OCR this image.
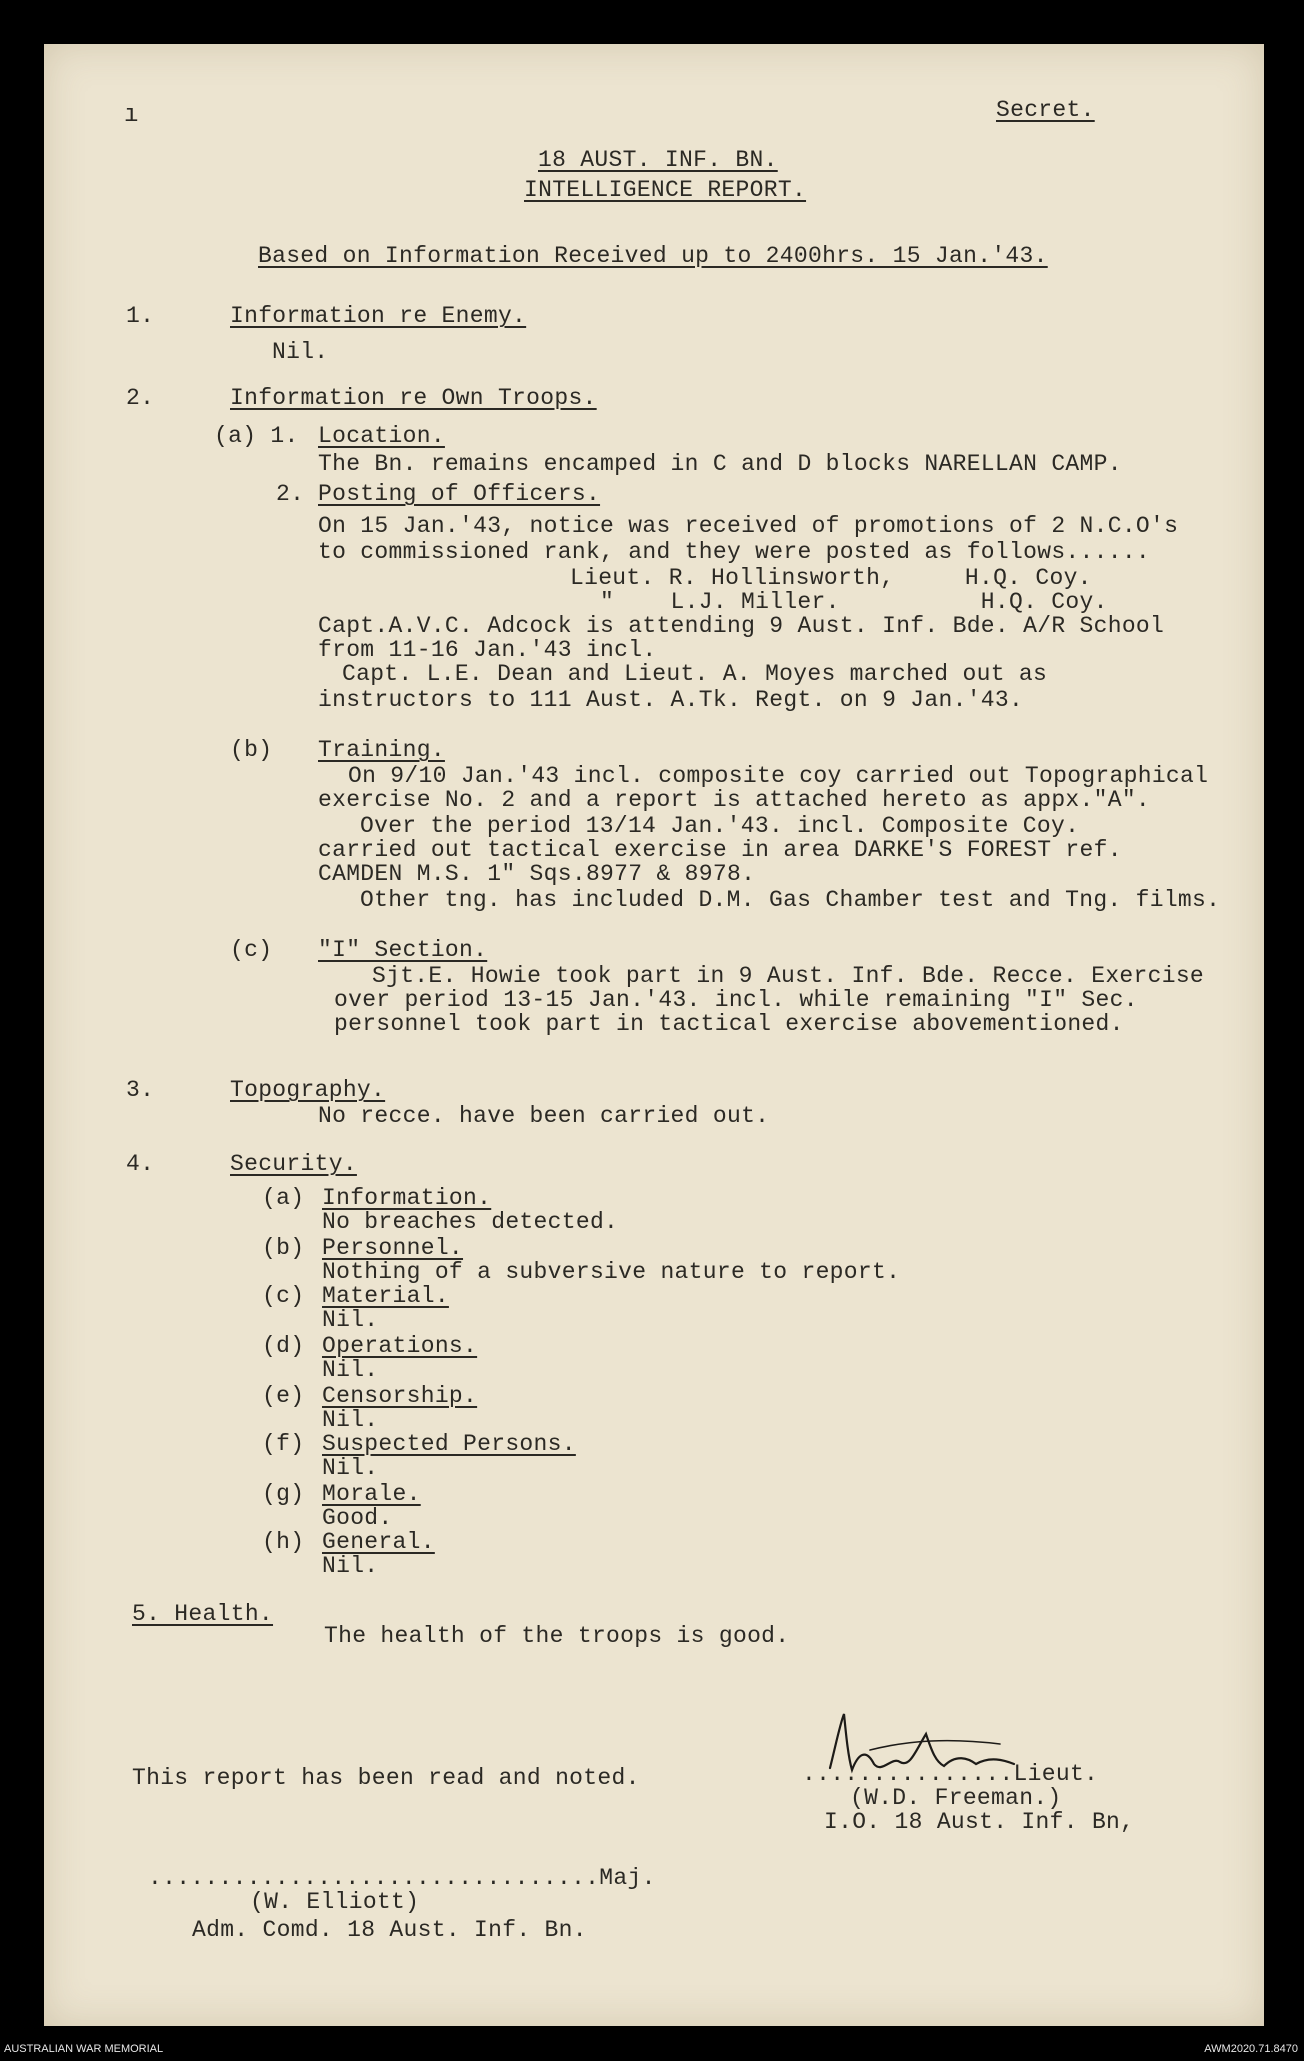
Secret.
ı
18 AUST. INF. BN.
INTELLIGENCE REPORT.
Based on Information Received up to 2400hrs. 15 Jan.'43.
1.	Information re Enemy.
Nil.
2.	Information re Own Troops.
(a) 1. Location.
The Bn. remains encamped in C and D blocks NARELLAN CAMP.
2. Posting of Officers.
On 15 Jan.'43, notice was received of promotions of 2 N.C.O's
to commissioned rank, and they were posted as follows......
Lieut. R. Hollinsworth,     H.Q. Coy.
"    L.J. Miller.          H.Q. Coy.
Capt.A.V.C. Adcock is attending 9 Aust. Inf. Bde. A/R School
from 11-16 Jan.'43 incl.
Capt. L.E. Dean and Lieut. A. Moyes marched out as
instructors to 111 Aust. A.Tk. Regt. on 9 Jan.'43.
(b) Training.
On 9/10 Jan.'43 incl. composite coy carried out Topographical
exercise No. 2 and a report is attached hereto as appx."A".
Over the period 13/14 Jan.'43. incl. Composite Coy.
carried out tactical exercise in area DARKE'S FOREST ref.
CAMDEN M.S. 1" Sqs.8977 & 8978.
Other tng. has included D.M. Gas Chamber test and Tng. films.
(c) "I" Section.
Sjt.E. Howie took part in 9 Aust. Inf. Bde. Recce. Exercise
over period 13-15 Jan.'43. incl. while remaining "I" Sec.
personnel took part in tactical exercise abovementioned.
3.	Topography.
No recce. have been carried out.
4.	Security.
(a) Information.
No breaches detected.
(b) Personnel.
Nothing of a subversive nature to report.
(c) Material.
Nil.
(d) Operations.
Nil.
(e) Censorship.
Nil.
(f) Suspected Persons.
Nil.
(g) Morale.
Good.
(h) General.
Nil.
5. Health.
The health of the troops is good.
This report has been read and noted.	...............Lieut.
(W.D. Freeman.)
I.O. 18 Aust. Inf. Bn,
................................Maj.
(W. Elliott)
Adm. Comd. 18 Aust. Inf. Bn.
AUSTRALIAN WAR MEMORIAL	AWM2020.71.8470
